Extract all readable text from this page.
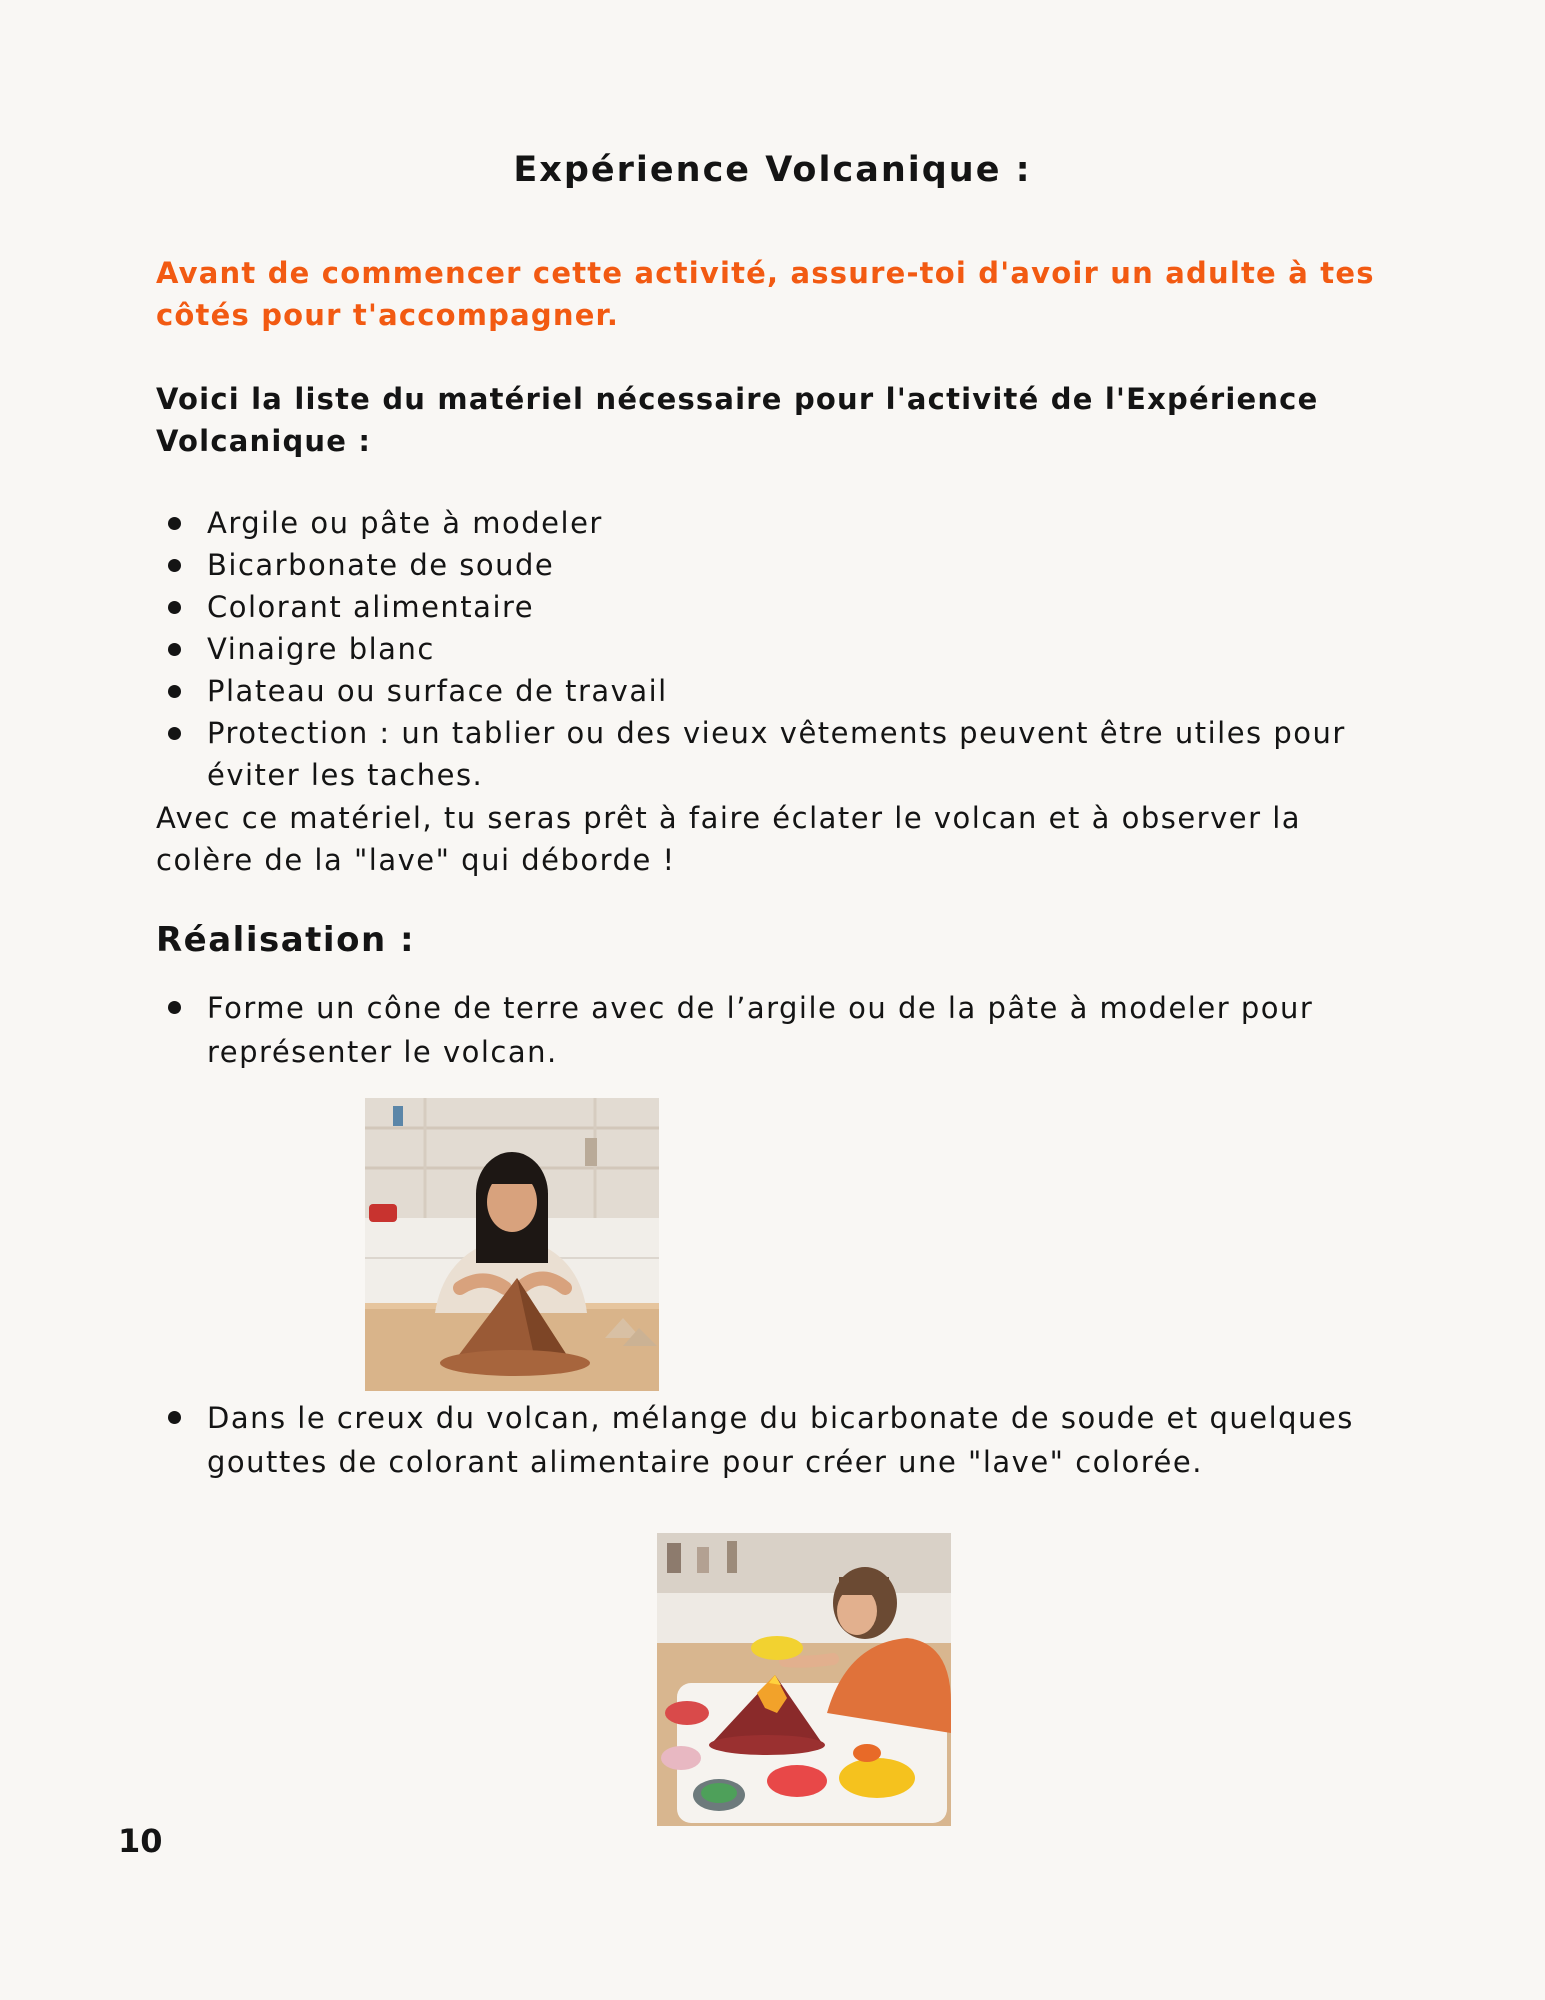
Expérience Volcanique :

Avant de commencer cette activité, assure-toi d'avoir un adulte à tes côtés pour t'accompagner.

Voici la liste du matériel nécessaire pour l'activité de l'Expérience Volcanique :

Argile ou pâte à modeler
Bicarbonate de soude
Colorant alimentaire
Vinaigre blanc
Plateau ou surface de travail
Protection : un tablier ou des vieux vêtements peuvent être utiles pour éviter les taches.

Avec ce matériel, tu seras prêt à faire éclater le volcan et à observer la colère de la "lave" qui déborde !

Réalisation :
Forme un cône de terre avec de l’argile ou de la pâte à modeler pour représenter le volcan.
Dans le creux du volcan, mélange du bicarbonate de soude et quelques gouttes de colorant alimentaire pour créer une "lave" colorée.
10
